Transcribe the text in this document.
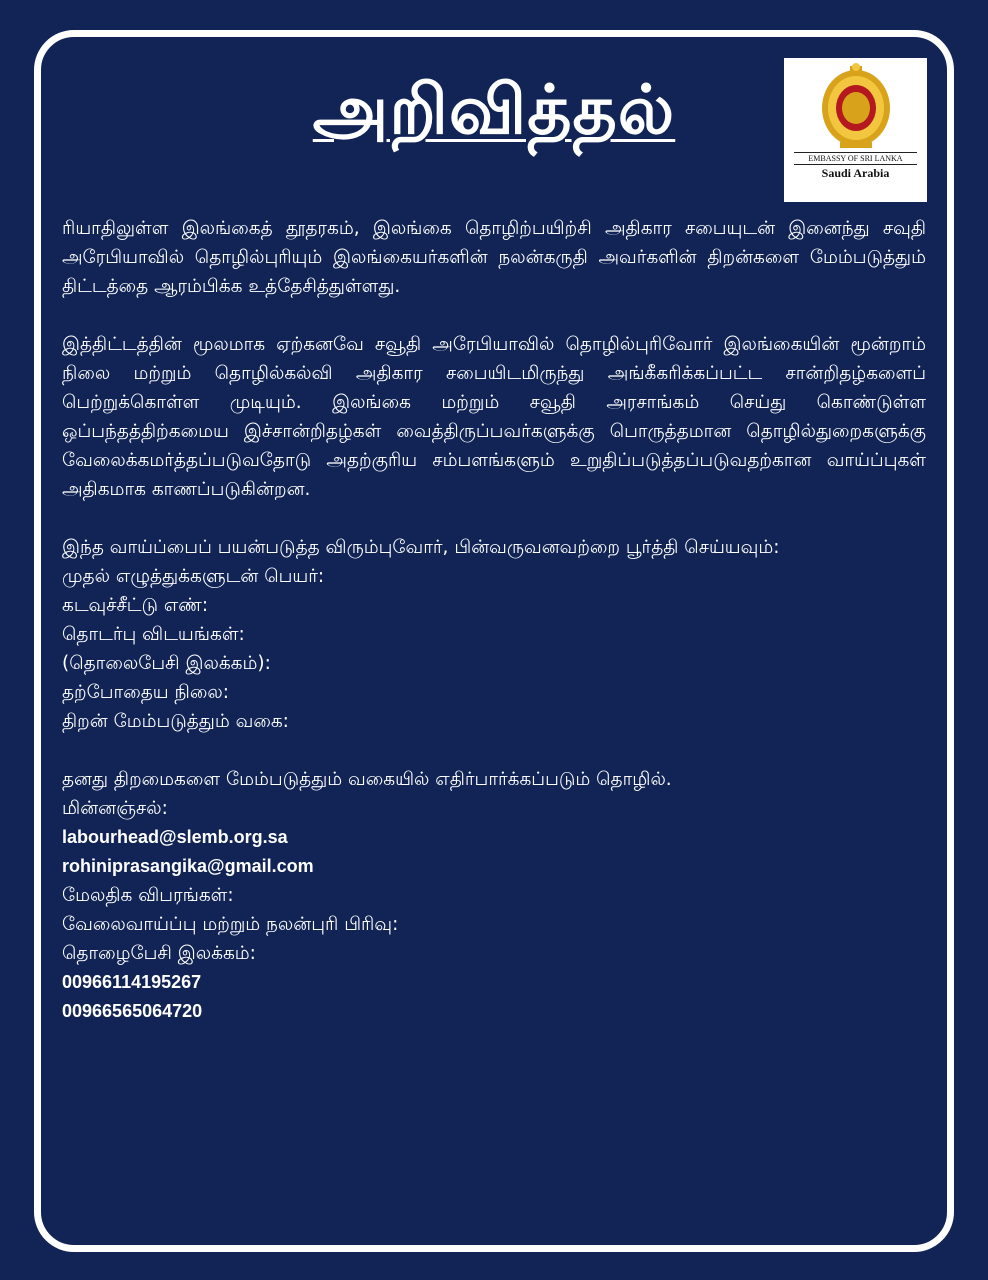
அறிவித்தல்
EMBASSY OF SRI LANKA
Saudi Arabia

ரியாதிலுள்ள இலங்கைத் தூதரகம், இலங்கை தொழிற்பயிற்சி அதிகார சபையுடன் இனைந்து சவுதி அரேபியாவில் தொழில்புரியும் இலங்கையர்களின் நலன்கருதி அவர்களின் திறன்களை மேம்படுத்தும் திட்டத்தை ஆரம்பிக்க உத்தேசித்துள்ளது.

இத்திட்டத்தின் மூலமாக ஏற்கனவே சவூதி அரேபியாவில் தொழில்புரிவோர் இலங்கையின் மூன்றாம் நிலை மற்றும் தொழில்கல்வி அதிகார சபையிடமிருந்து அங்கீகரிக்கப்பட்ட சான்றிதழ்களைப் பெற்றுக்கொள்ள முடியும். இலங்கை மற்றும் சவூதி அரசாங்கம் செய்து கொண்டுள்ள ஒப்பந்தத்திற்கமைய இச்சான்றிதழ்கள் வைத்திருப்பவர்களுக்கு பொருத்தமான தொழில்துறைகளுக்கு வேலைக்கமர்த்தப்படுவதோடு அதற்குரிய சம்பளங்களும் உறுதிப்படுத்தப்படுவதற்கான வாய்ப்புகள் அதிகமாக காணப்படுகின்றன.

இந்த வாய்ப்பைப் பயன்படுத்த விரும்புவோர், பின்வருவனவற்றை பூர்த்தி செய்யவும்:

முதல் எழுத்துக்களுடன் பெயர்:

கடவுச்சீட்டு எண்:

தொடர்பு விடயங்கள்:

(தொலைபேசி இலக்கம்):

தற்போதைய நிலை:

திறன் மேம்படுத்தும் வகை:

தனது திறமைகளை மேம்படுத்தும் வகையில் எதிர்பார்க்கப்படும் தொழில்.

மின்னஞ்சல்:

labourhead@slemb.org.sa

rohiniprasangika@gmail.com

மேலதிக விபரங்கள்:

வேலைவாய்ப்பு மற்றும் நலன்புரி பிரிவு:

தொழைபேசி இலக்கம்:

00966114195267

00966565064720
